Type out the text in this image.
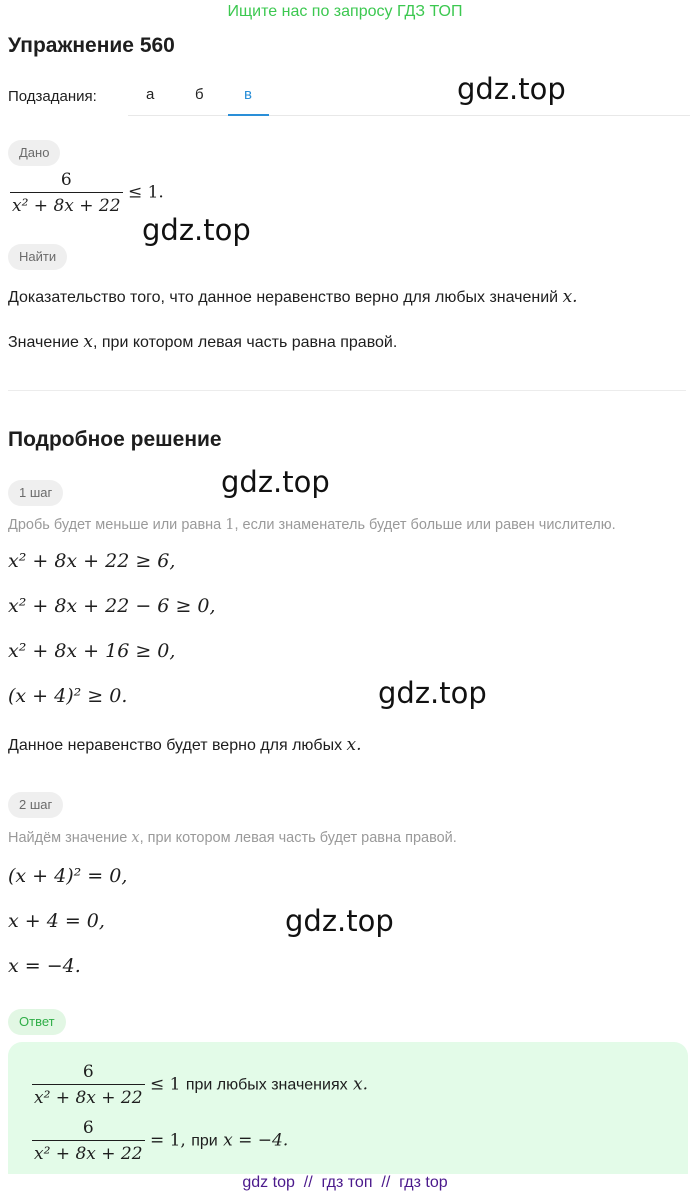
Ищите нас по запросу ГДЗ ТОП
Упражнение 560
Подзадания:	а	б	в	gdz.top
gdz.top
gdz.top
gdz.top
gdz.top
Дано
$\frac{6}{\text{x² + 8x + 22}} \le 1$.
Найти
Доказательство того, что данное неравенство верно для любых значений x.
Значение x, при котором левая часть равна правой.
Подробное решение
1 шаг
Дробь будет меньше или равна 1, если знаменатель будет больше или равен числителю.
x² + 8x + 22 ≥ 6,
x² + 8x + 22 − 6 ≥ 0,
x² + 8x + 16 ≥ 0,
(x + 4)² ≥ 0.
Данное неравенство будет верно для любых x.
2 шаг
Найдём значение x, при котором левая часть будет равна правой.
(x + 4)² = 0,
x + 4 = 0,
x = −4.
Ответ
$\frac{6}{\text{x² + 8x + 22}} \le 1$ при любых значениях x.
$\frac{6}{\text{x² + 8x + 22}} = 1$, при x = −4.
gdz top  //  гдз топ  //  гдз top
